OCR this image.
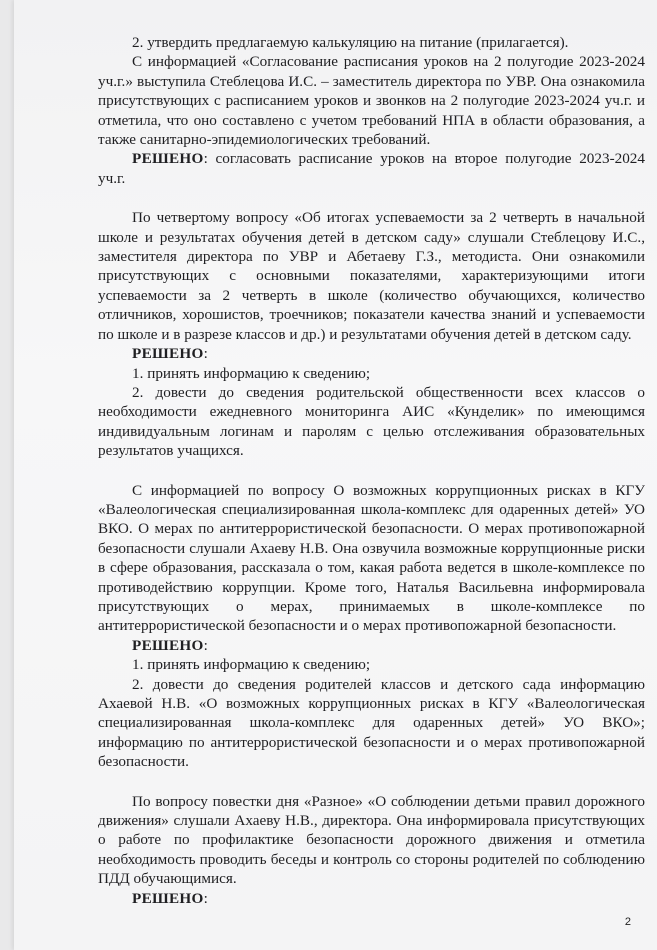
2. утвердить предлагаемую калькуляцию на питание (прилагается).

С информацией «Согласование расписания уроков на 2 полугодие 2023-2024 уч.г.» выступила Стеблецова И.С. – заместитель директора по УВР. Она ознакомила присутствующих с расписанием уроков и звонков на 2 полугодие 2023-2024 уч.г. и отметила, что оно составлено с учетом требований НПА в области образования, а также санитарно-эпидемиологических требований.

РЕШЕНО: согласовать расписание уроков на второе полугодие 2023-2024 уч.г.

По четвертому вопросу «Об итогах успеваемости за 2 четверть в начальной школе и результатах обучения детей в детском саду» слушали Стеблецову И.С., заместителя директора по УВР и Абетаеву Г.З., методиста. Они ознакомили присутствующих с основными показателями, характеризующими итоги успеваемости за 2 четверть в школе (количество обучающихся, количество отличников, хорошистов, троечников; показатели качества знаний и успеваемости по школе и в разрезе классов и др.) и результатами обучения детей в детском саду.

РЕШЕНО:

1. принять информацию к сведению;

2. довести до сведения родительской общественности всех классов о необходимости ежедневного мониторинга АИС «Кунделик» по имеющимся индивидуальным логинам и паролям с целью отслеживания образовательных результатов учащихся.

С информацией по вопросу О возможных коррупционных рисках в КГУ «Валеологическая специализированная школа-комплекс для одаренных детей» УО ВКО. О мерах по антитеррористической безопасности. О мерах противопожарной безопасности слушали Ахаеву Н.В. Она озвучила возможные коррупционные риски в сфере образования, рассказала о том, какая работа ведется в школе-комплексе по противодействию коррупции. Кроме того, Наталья Васильевна информировала присутствующих о мерах, принимаемых в школе-комплексе по антитеррористической безопасности и о мерах противопожарной безопасности.

РЕШЕНО:

1. принять информацию к сведению;

2. довести до сведения родителей классов и детского сада информацию Ахаевой Н.В. «О возможных коррупционных рисках в КГУ «Валеологическая специализированная школа-комплекс для одаренных детей» УО ВКО»; информацию по антитеррористической безопасности и о мерах противопожарной безопасности.

По вопросу повестки дня «Разное» «О соблюдении детьми правил дорожного движения» слушали Ахаеву Н.В., директора. Она информировала присутствующих о работе по профилактике безопасности дорожного движения и отметила необходимость проводить беседы и контроль со стороны родителей по соблюдению ПДД обучающимися.

РЕШЕНО:

2
